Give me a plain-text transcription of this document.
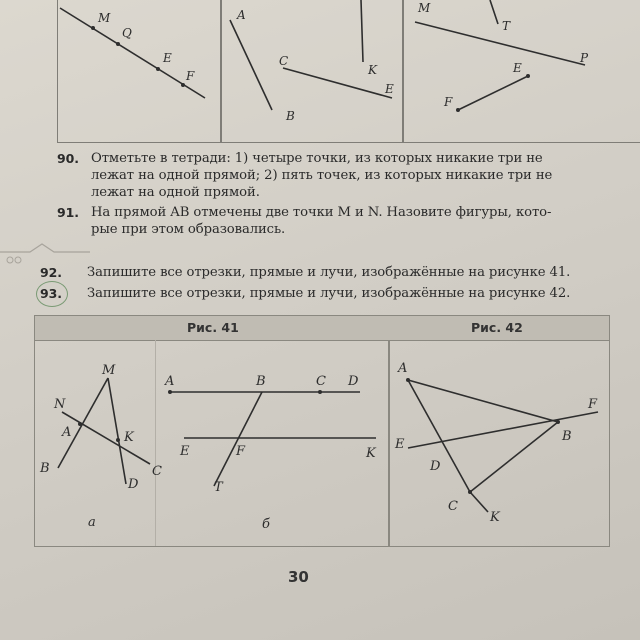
M
Q
E
F
A
C
B
K
E
M
T
P
E
F
90. Отметьте в тетради: 1) четыре точки, из которых никакие три не
лежат на одной прямой; 2) пять точек, из которых никакие три не
лежат на одной прямой.
91. На прямой AB отмечены две точки M и N. Назовите фигуры, кото-
рые при этом образовались.
92. Запишите все отрезки, прямые и лучи, изображённые на рисунке 41.
93. Запишите все отрезки, прямые и лучи, изображённые на рисунке 42.
Рис. 41	Рис. 42
M
N
A	K
B	C
D
а
A	B	C D
E	F	K
T
б
A
F
B
E
D
C
K
30
